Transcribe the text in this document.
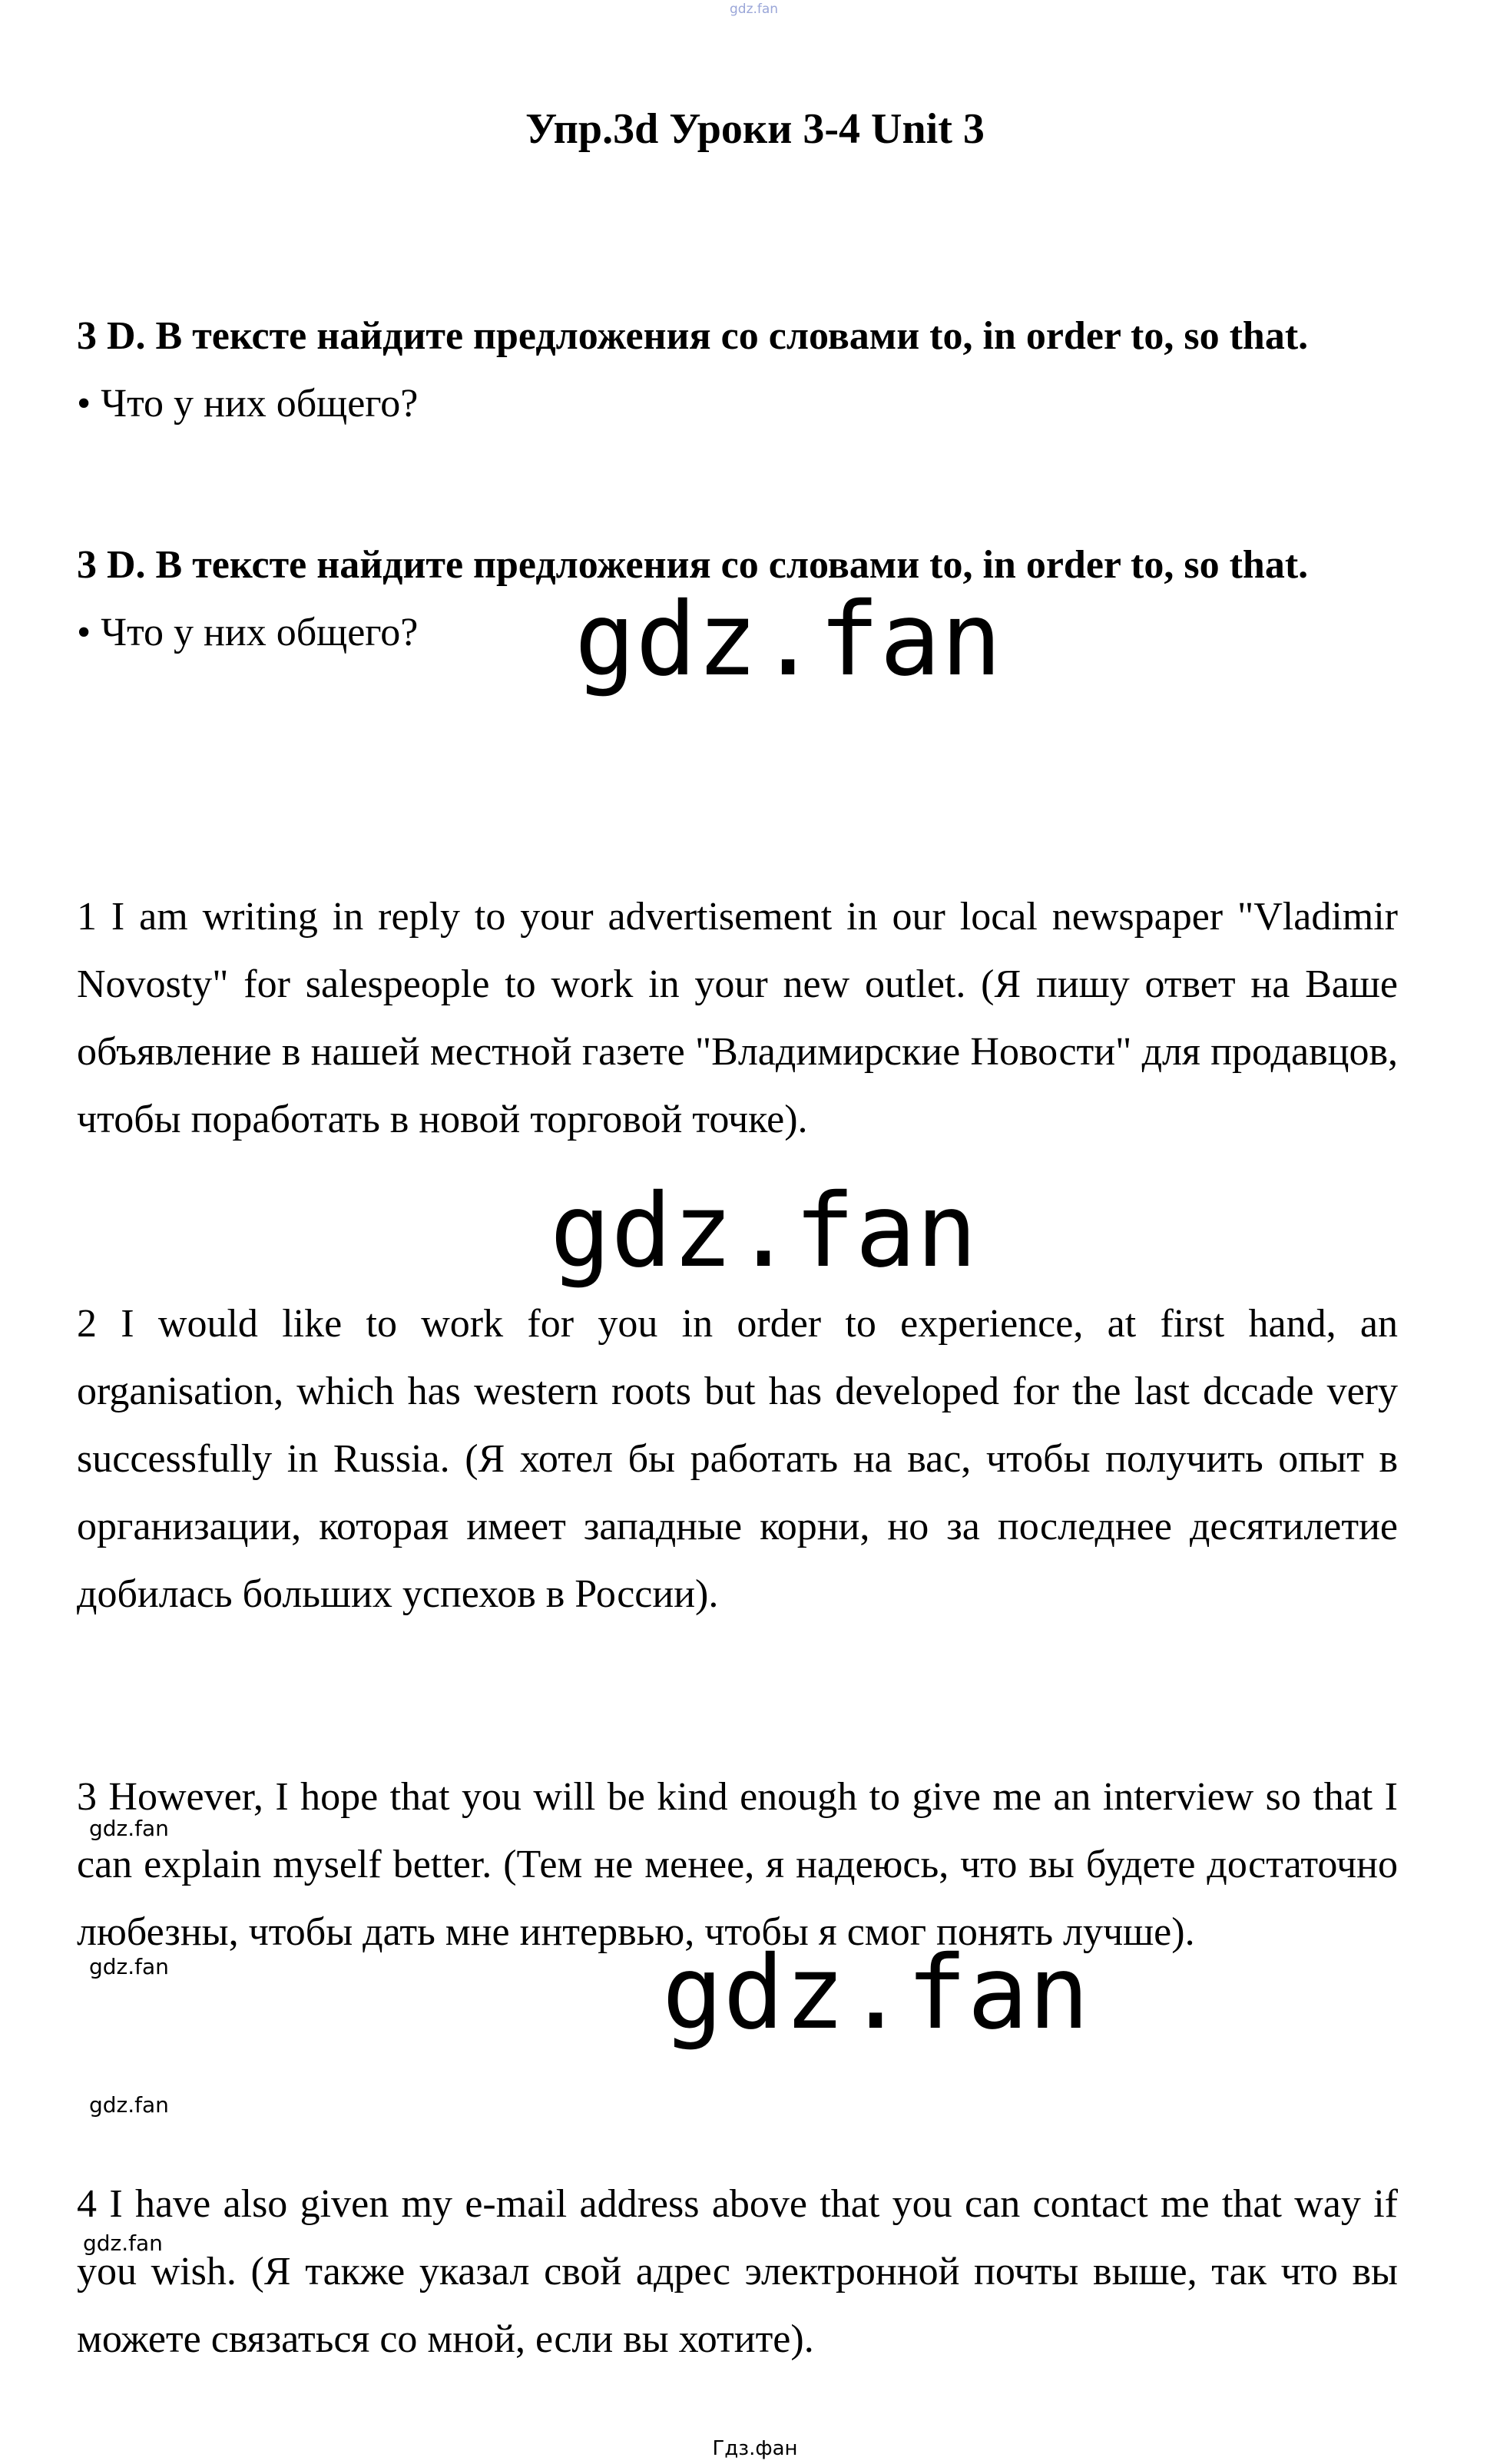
gdz.fan
Упр.3d Уроки 3-4 Unit 3
3 D. В тексте найдите предложения со словами to, in order to, so that.
• Что у них общего?
3 D. В тексте найдите предложения со словами to, in order to, so that.
• Что у них общего?	gdz.fan
1 I am writing in reply to your advertisement in our local newspaper "Vladimir Novosty" for salespeople to work in your new outlet. (Я пишу ответ на Ваше объявление в нашей местной газете "Владимирские Новости" для продавцов, чтобы поработать в новой торговой точке).
gdz.fan
2 I would like to work for you in order to experience, at first hand, an organisation, which has western roots but has developed for the last dccade very successfully in Russia. (Я хотел бы работать на вас, чтобы получить опыт в организации, которая имеет западные корни, но за последнее десятилетие добилась больших успехов в России).
3 However, I hope that you will be kind enough to give me an interview so that I can explain myself better. (Тем не менее, я надеюсь, что вы будете достаточно любезны, чтобы дать мне интервью, чтобы я смог понять лучше).
gdz.fan
gdz.fan	gdz.fan
gdz.fan
4 I have also given my e-mail address above that you can contact me that way if you wish. (Я также указал свой адрес электронной почты выше, так что вы можете связаться со мной, если вы хотите).
gdz.fan
Гдз.фан
